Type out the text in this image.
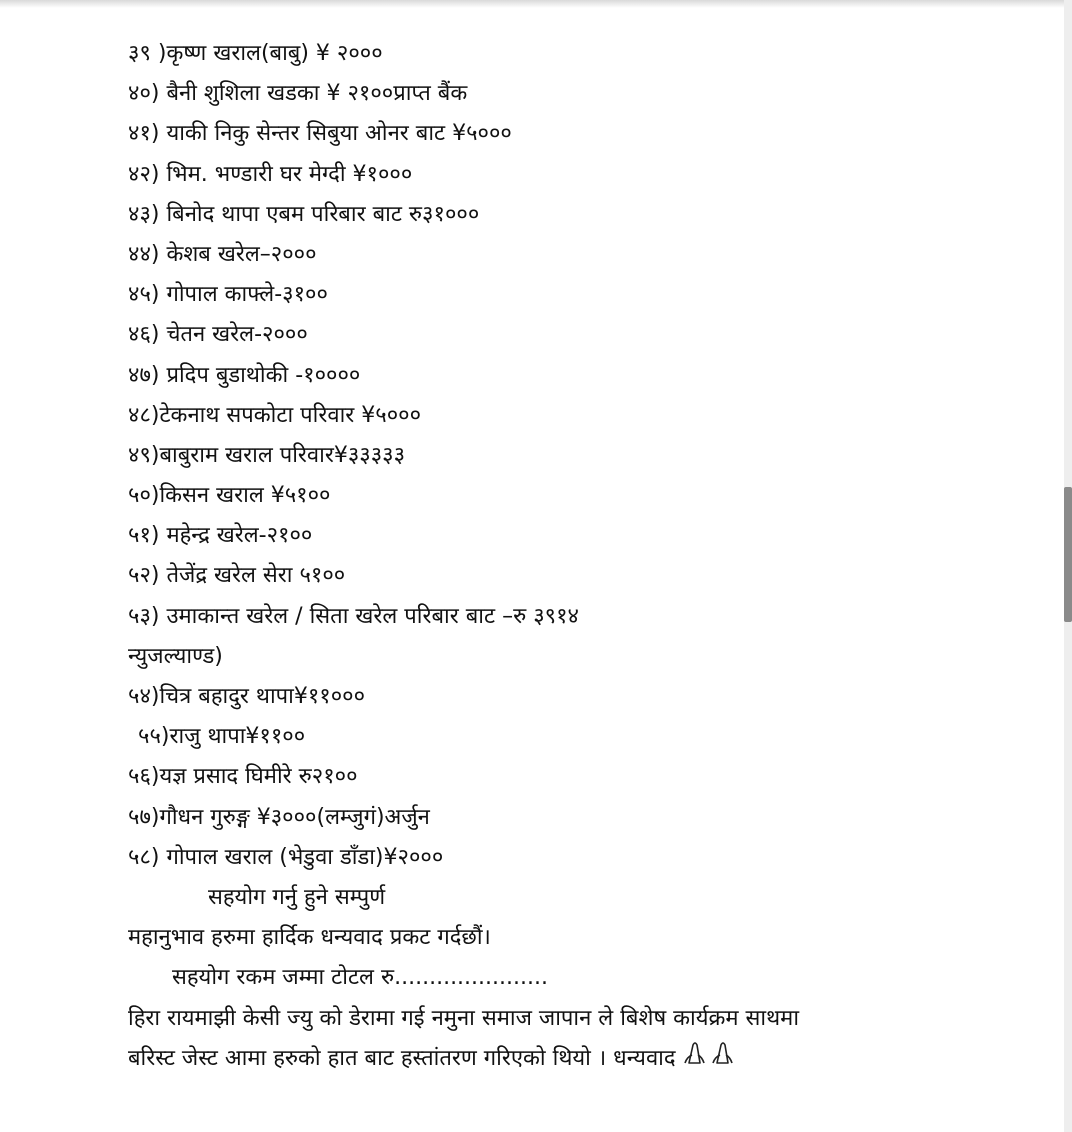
३९ )कृष्ण खराल(बाबु) ¥ २०००
४०) बैनी शुशिला खडका ¥ २१००प्राप्त बैंक
४१) याकी निकु सेन्तर सिबुया ओनर बाट ¥५०००
४२) भिम. भण्डारी घर मेग्दी ¥१०००
४३) बिनोद थापा एबम परिबार बाट रु३१०००
४४) केशब खरेल–२०००
४५) गोपाल काफ्ले-३१००
४६) चेतन खरेल-२०००
४७) प्रदिप बुडाथोकी -१००००
४८)टेकनाथ सपकोटा परिवार ¥५०००
४९)बाबुराम खराल परिवार¥३३३३३
५०)किसन खराल ¥५१००
५१) महेन्द्र खरेल-२१००
५२) तेजेंद्र खरेल सेरा ५१००
५३) उमाकान्त खरेल / सिता खरेल परिबार बाट –रु ३९१४
न्युजल्याण्ड)
५४)चित्र बहादुर थापा¥११०००
५५)राजु थापा¥११००
५६)यज्ञ प्रसाद घिमीरे रु२१००
५७)गौधन गुरुङ्ग ¥३०००(लम्जुगं)अर्जुन
५८) गोपाल खराल (भेडुवा डाँडा)¥२०००
सहयोग गर्नु हुने सम्पुर्ण
महानुभाव हरुमा हार्दिक धन्यवाद प्रकट गर्दछौं।
सहयोग रकम जम्मा टोटल रु......................
हिरा रायमाझी केसी ज्यु को डेरामा गई नमुना समाज जापान ले बिशेष कार्यक्रम साथमा
बरिस्ट जेस्ट आमा हरुको हात बाट हस्तांतरण गरिएको थियो । धन्यवाद
